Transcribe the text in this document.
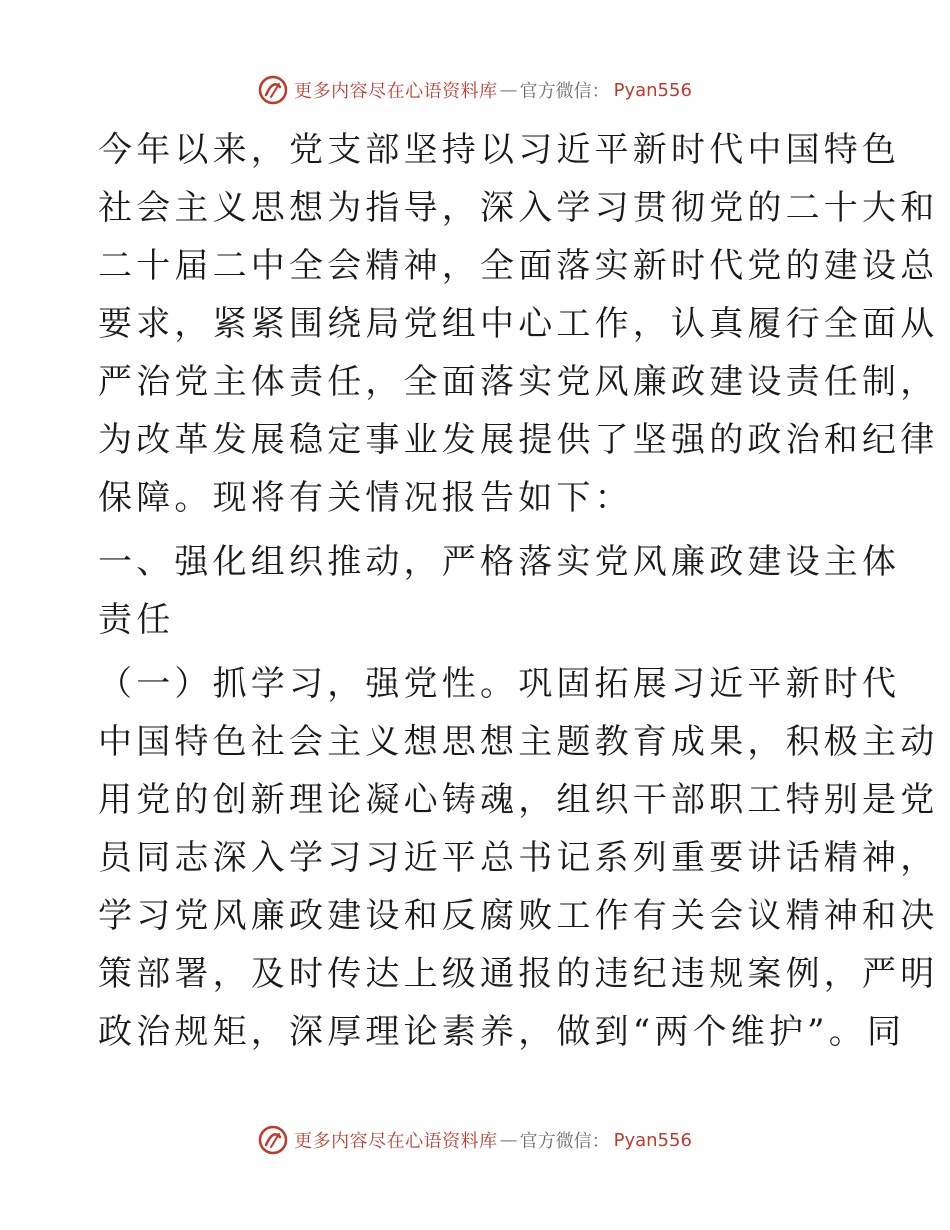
更多内容尽在心语资料库 — 官方微信： Pyan556

今年以来，党支部坚持以习近平新时代中国特色
社会主义思想为指导，深入学习贯彻党的二十大和
二十届二中全会精神，全面落实新时代党的建设总
要求，紧紧围绕局党组中心工作，认真履行全面从
严治党主体责任，全面落实党风廉政建设责任制，
为改革发展稳定事业发展提供了坚强的政治和纪律
保障。现将有关情况报告如下：

一、强化组织推动，严格落实党风廉政建设主体
责任

（一）抓学习，强党性。巩固拓展习近平新时代
中国特色社会主义想思想主题教育成果，积极主动
用党的创新理论凝心铸魂，组织干部职工特别是党
员同志深入学习习近平总书记系列重要讲话精神，
学习党风廉政建设和反腐败工作有关会议精神和决
策部署，及时传达上级通报的违纪违规案例，严明
政治规矩，深厚理论素养，做到“两个维护”。同

更多内容尽在心语资料库 — 官方微信： Pyan556
